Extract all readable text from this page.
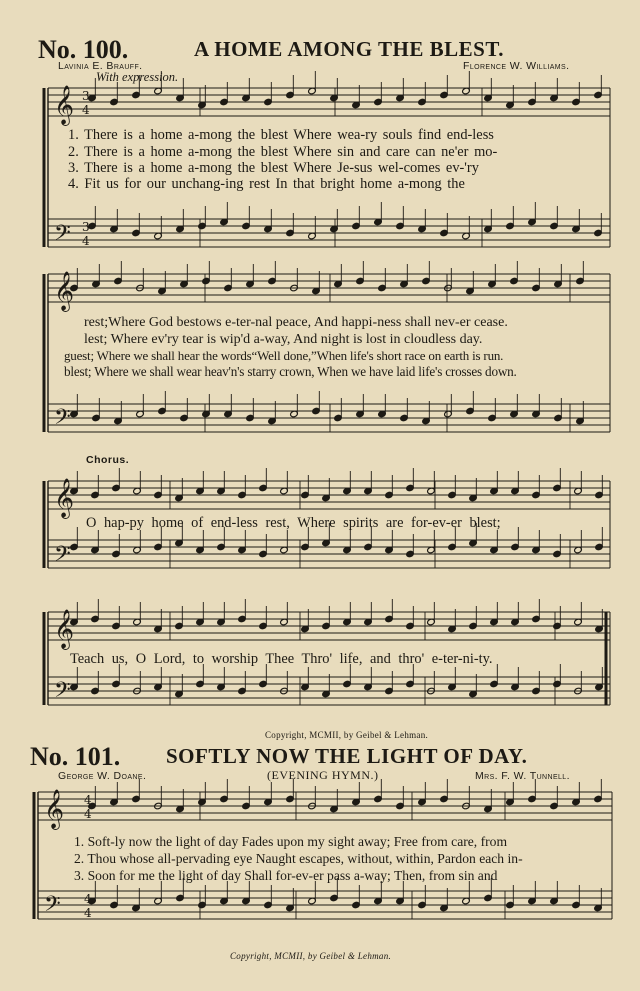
No. 100.	A HOME AMONG THE BLEST.
Lavinia E. Brauff.	Florence W. Williams.
With expression.
𝄞
𝄞
𝄞
𝄞
𝄞
𝄢
𝄢
𝄢
𝄢
𝄢
3
4
3
4
4
4
4
4
1. There is a home a-mong the blest Where wea-ry souls find end-less
2. There is a home a-mong the blest Where sin and care can ne'er mo-
3. There is a home a-mong the blest Where Je-sus wel-comes ev-'ry
4. Fit us for our unchang-ing rest In that bright home a-mong the
rest;Where God bestows e-ter-nal peace, And happi-ness shall nev-er cease.
lest; Where ev'ry tear is wip'd a-way, And night is lost in cloudless day.
guest; Where we shall hear the words“Well done,”When life's short race on earth is run.
blest; Where we shall wear heav'n's starry crown, When we have laid life's crosses down.
Chorus.
O hap-py home of end-less rest, Where spirits are for-ev-er blest;
Teach us, O Lord, to worship Thee Thro' life, and thro' e-ter-ni-ty.
Copyright, MCMII, by Geibel & Lehman.
No. 101. SOFTLY NOW THE LIGHT OF DAY.
George W. Doane.	(EVENING HYMN.)	Mrs. F. W. Tunnell.
1. Soft-ly now the light of day Fades upon my sight away; Free from care, from
2. Thou whose all-pervading eye Naught escapes, without, within, Pardon each in-
3. Soon for me the light of day Shall for-ev-er pass a-way; Then, from sin and
Copyright, MCMII, by Geibel & Lehman.
